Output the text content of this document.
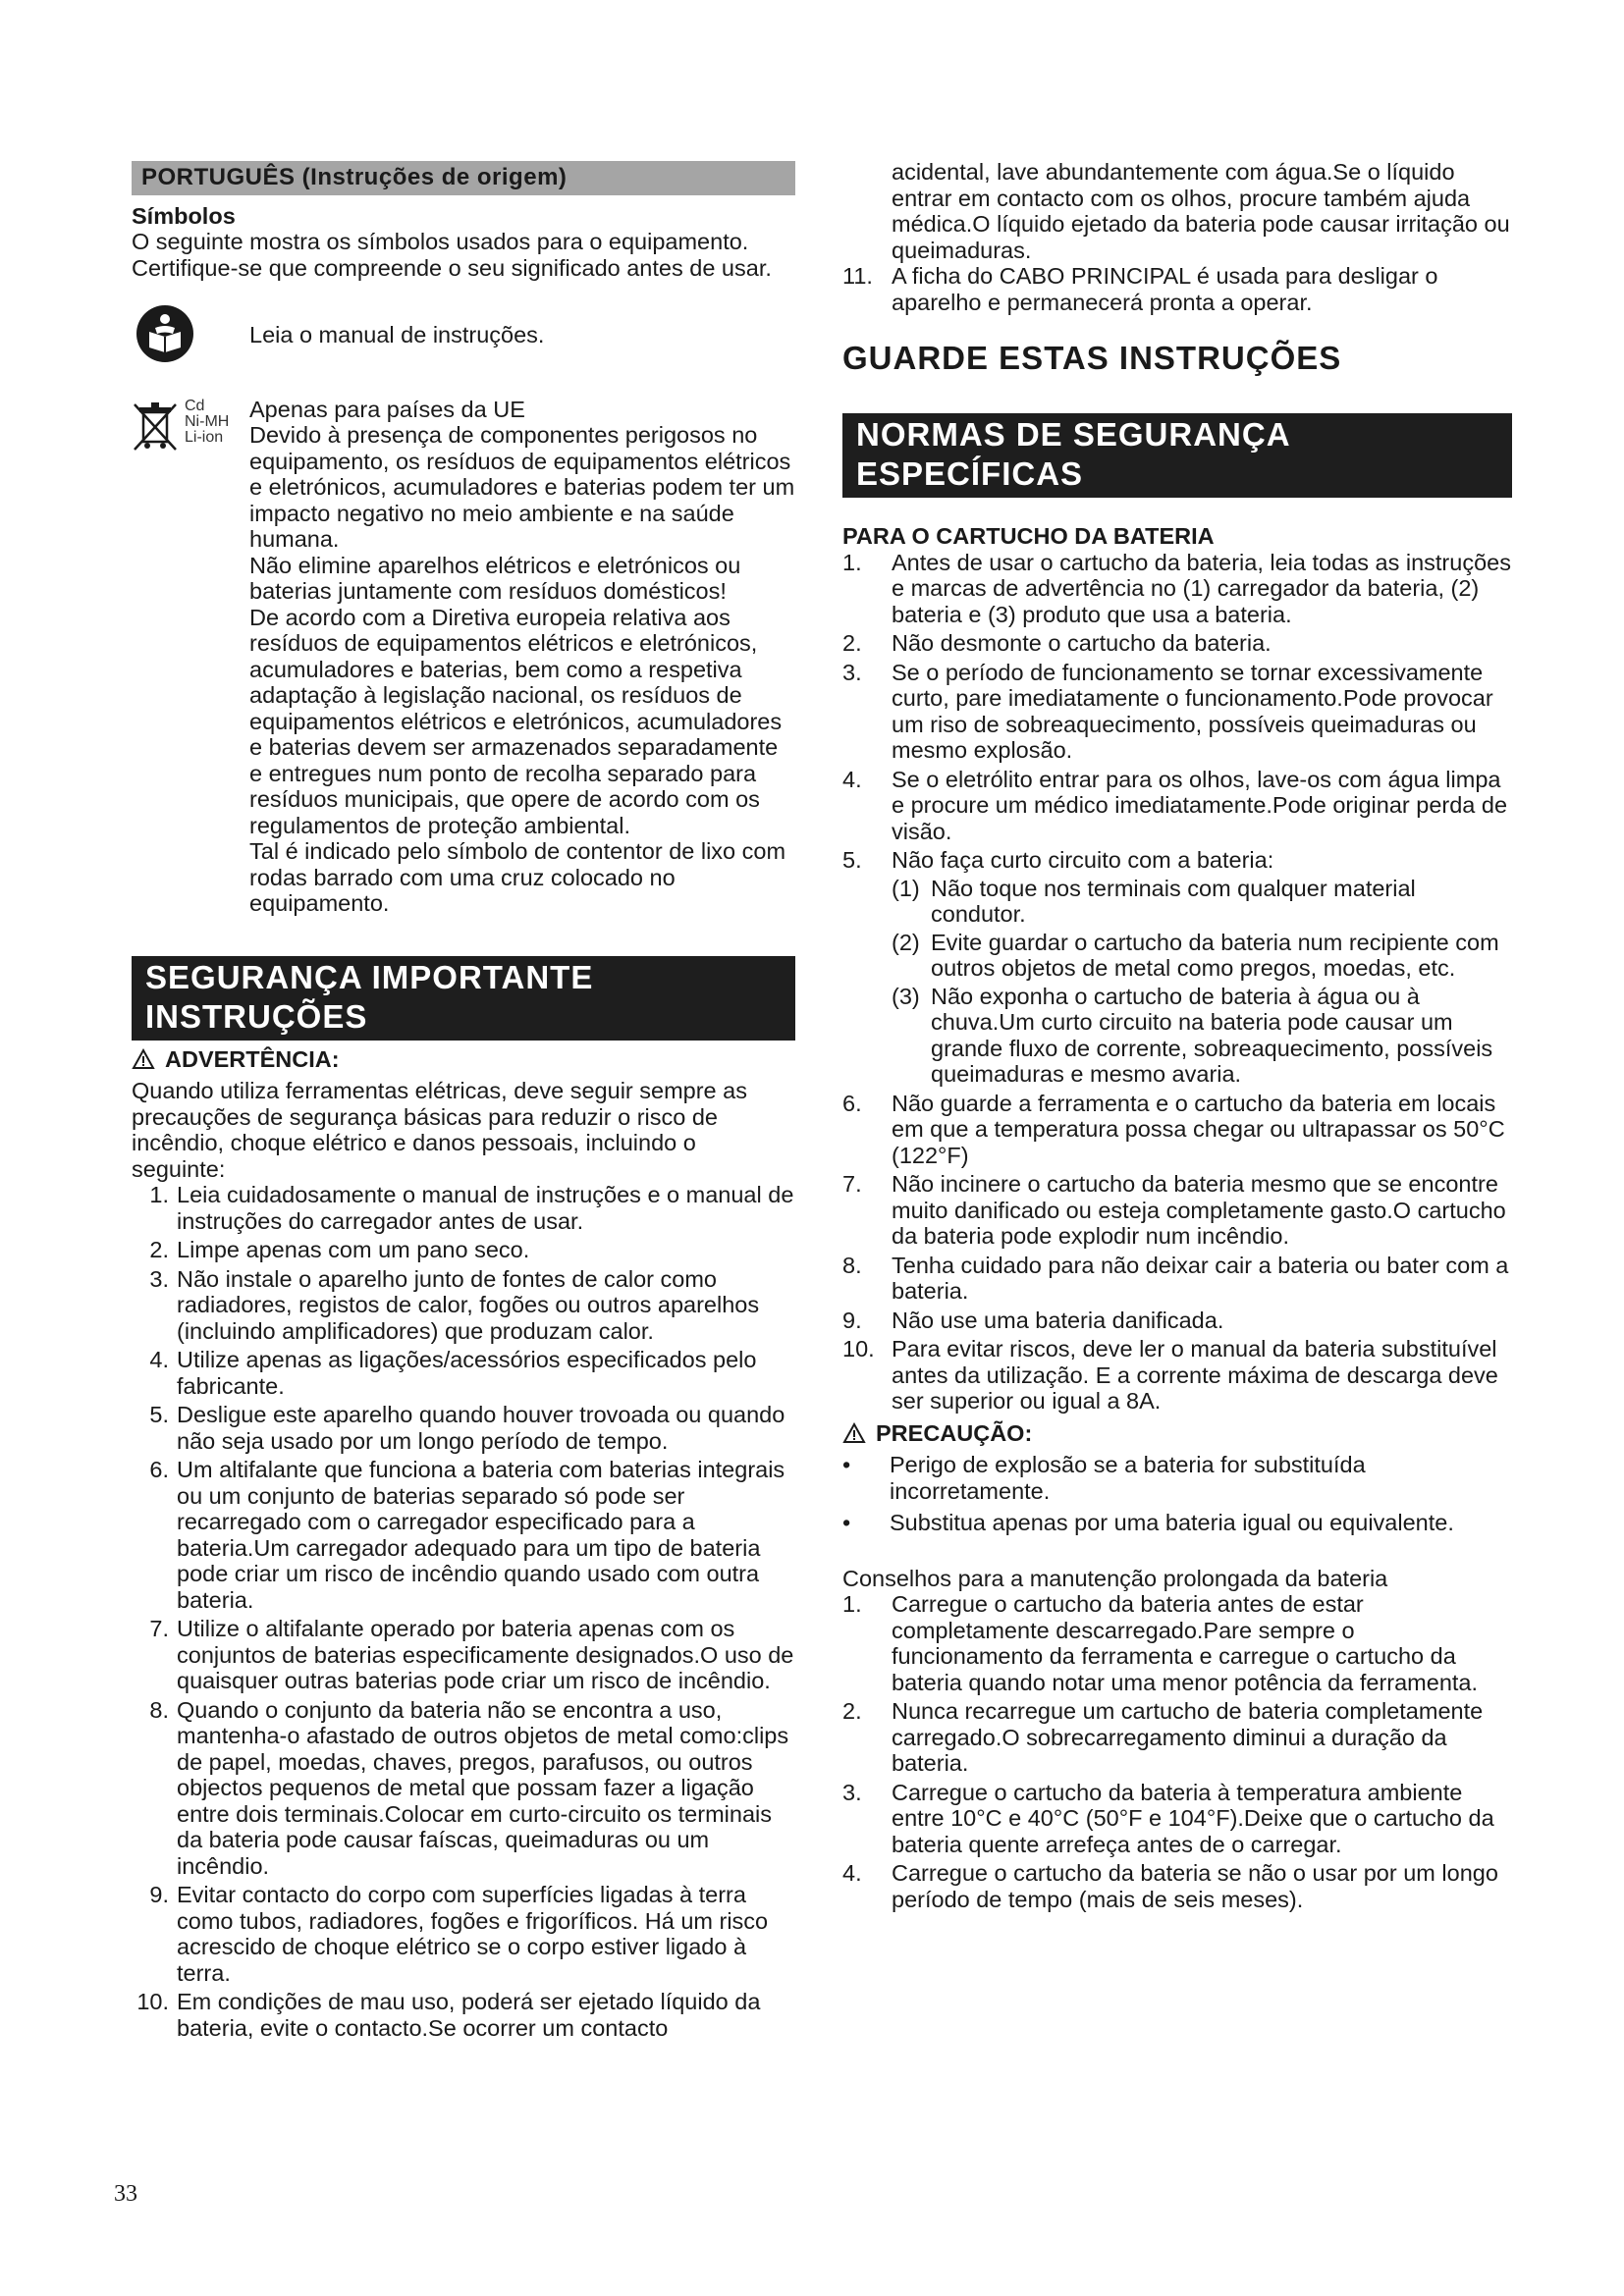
PORTUGUÊS (Instruções de origem)

Símbolos

O seguinte mostra os símbolos usados para o equipamento. Certifique-se que compreende o seu significado antes de usar.

Leia o manual de instruções.
Cd
Ni-MH
Li-ion

Apenas para países da UE

Devido à presença de componentes perigosos no equipamento, os resíduos de equipamentos elétricos e eletrónicos, acumuladores e baterias podem ter um impacto negativo no meio ambiente e na saúde humana.

Não elimine aparelhos elétricos e eletrónicos ou baterias juntamente com resíduos domésticos!

De acordo com a Diretiva europeia relativa aos resíduos de equipamentos elétricos e eletrónicos, acumuladores e baterias, bem como a respetiva adaptação à legislação nacional, os resíduos de equipamentos elétricos e eletrónicos, acumuladores e baterias devem ser armazenados separadamente e entregues num ponto de recolha separado para resíduos municipais, que opere de acordo com os regulamentos de proteção ambiental.

Tal é indicado pelo símbolo de contentor de lixo com rodas barrado com uma cruz colocado no equipamento.

SEGURANÇA IMPORTANTE
INSTRUÇÕES
ADVERTÊNCIA:

Quando utiliza ferramentas elétricas, deve seguir sempre as precauções de segurança básicas para reduzir o risco de incêndio, choque elétrico e danos pessoais, incluindo o seguinte:

1. Leia cuidadosamente o manual de instruções e o manual de instruções do carregador antes de usar.
2. Limpe apenas com um pano seco.
3. Não instale o aparelho junto de fontes de calor como radiadores, registos de calor, fogões ou outros aparelhos (incluindo amplificadores) que produzam calor.
4. Utilize apenas as ligações/acessórios especificados pelo fabricante.
5. Desligue este aparelho quando houver trovoada ou quando não seja usado por um longo período de tempo.
6. Um altifalante que funciona a bateria com baterias integrais ou um conjunto de baterias separado só pode ser recarregado com o carregador especificado para a bateria.Um carregador adequado para um tipo de bateria pode criar um risco de incêndio quando usado com outra bateria.
7. Utilize o altifalante operado por bateria apenas com os conjuntos de baterias especificamente designados.O uso de quaisquer outras baterias pode criar um risco de incêndio.
8. Quando o conjunto da bateria não se encontra a uso, mantenha-o afastado de outros objetos de metal como:clips de papel, moedas, chaves, pregos, parafusos, ou outros objectos pequenos de metal que possam fazer a ligação entre dois terminais.Colocar em curto-circuito os terminais da bateria pode causar faíscas, queimaduras ou um incêndio.
9. Evitar contacto do corpo com superfícies ligadas à terra como tubos, radiadores, fogões e frigoríficos. Há um risco acrescido de choque elétrico se o corpo estiver ligado à terra.
10. Em condições de mau uso, poderá ser ejetado líquido da bateria, evite o contacto.Se ocorrer um contacto
33

acidental, lave abundantemente com água.Se o líquido entrar em contacto com os olhos, procure também ajuda médica.O líquido ejetado da bateria pode causar irritação ou queimaduras.

11. A ficha do CABO PRINCIPAL é usada para desligar o aparelho e permanecerá pronta a operar.
GUARDE ESTAS INSTRUÇÕES
NORMAS DE SEGURANÇA
ESPECÍFICAS

PARA O CARTUCHO DA BATERIA

1.	Antes de usar o cartucho da bateria, leia todas as instruções e marcas de advertência no (1) carregador da bateria, (2) bateria e (3) produto que usa a bateria.
2.	Não desmonte o cartucho da bateria.
3.	Se o período de funcionamento se tornar excessivamente curto, pare imediatamente o funcionamento.Pode provocar um riso de sobreaquecimento, possíveis queimaduras ou mesmo explosão.
4.	Se o eletrólito entrar para os olhos, lave-os com água limpa e procure um médico imediatamente.Pode originar perda de visão.
5.	Não faça curto circuito com a bateria:
(1) Não toque nos terminais com qualquer material condutor.
(2) Evite guardar o cartucho da bateria num recipiente com outros objetos de metal como pregos, moedas, etc.
(3) Não exponha o cartucho de bateria à água ou à chuva.Um curto circuito na bateria pode causar um grande fluxo de corrente, sobreaquecimento, possíveis queimaduras e mesmo avaria.
6.	Não guarde a ferramenta e o cartucho da bateria em locais em que a temperatura possa chegar ou ultrapassar os 50°C (122°F)
7.	Não incinere o cartucho da bateria mesmo que se encontre muito danificado ou esteja completamente gasto.O cartucho da bateria pode explodir num incêndio.
8.	Tenha cuidado para não deixar cair a bateria ou bater com a bateria.
9.	Não use uma bateria danificada.
10. Para evitar riscos, deve ler o manual da bateria substituível antes da utilização. E a corrente máxima de descarga deve ser superior ou igual a 8A.
PRECAUÇÃO:
•	Perigo de explosão se a bateria for substituída incorretamente.
•	Substitua apenas por uma bateria igual ou equivalente.

Conselhos para a manutenção prolongada da bateria

1.	Carregue o cartucho da bateria antes de estar completamente descarregado.Pare sempre o funcionamento da ferramenta e carregue o cartucho da bateria quando notar uma menor potência da ferramenta.
2.	Nunca recarregue um cartucho de bateria completamente carregado.O sobrecarregamento diminui a duração da bateria.
3.	Carregue o cartucho da bateria à temperatura ambiente entre 10°C e 40°C (50°F e 104°F).Deixe que o cartucho da bateria quente arrefeça antes de o carregar.
4.	Carregue o cartucho da bateria se não o usar por um longo período de tempo (mais de seis meses).
